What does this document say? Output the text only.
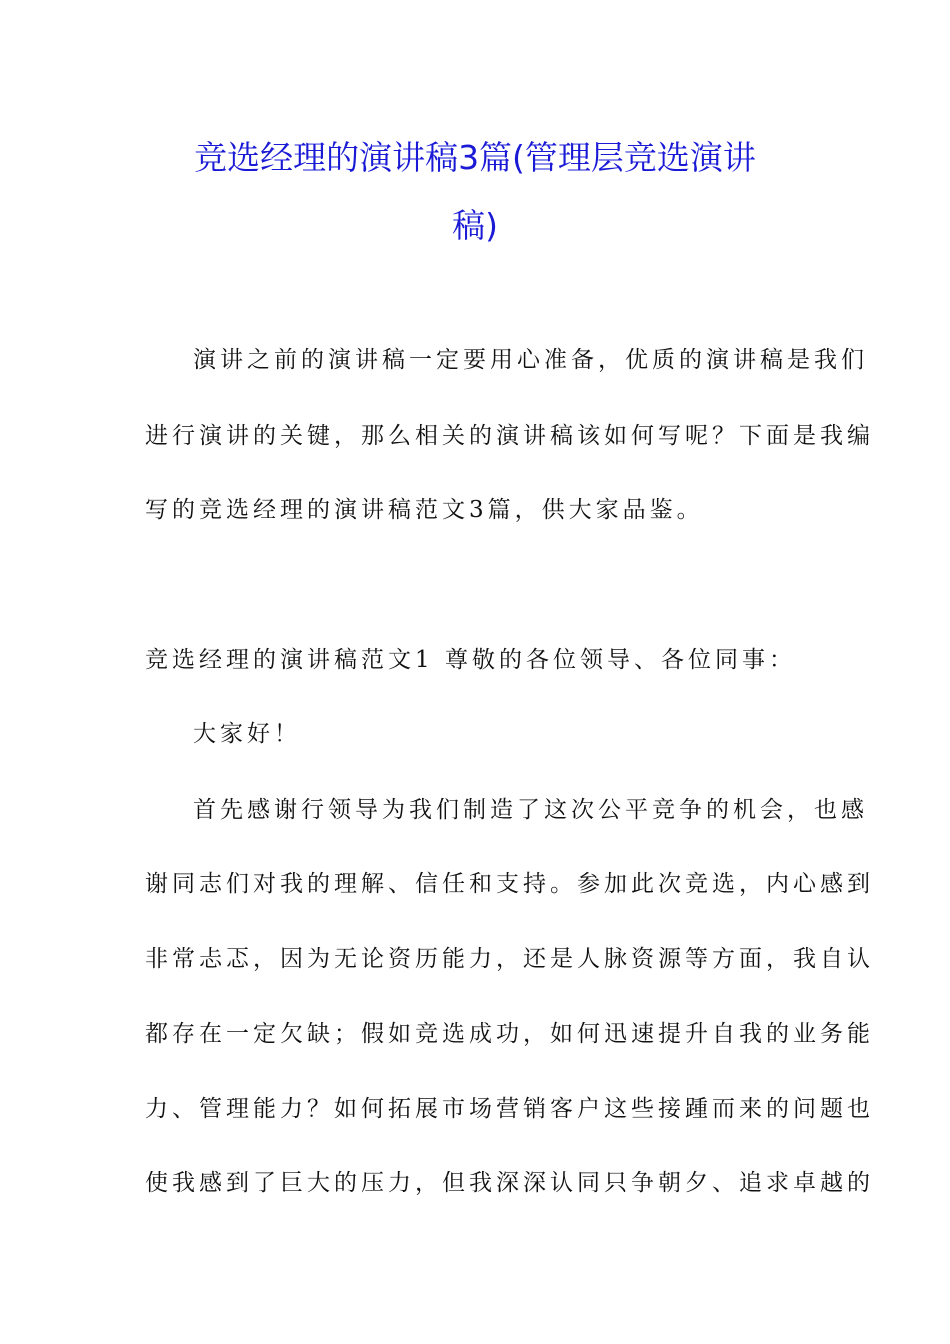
竞选经理的演讲稿3篇(管理层竞选演讲
稿)
演讲之前的演讲稿一定要用心准备，优质的演讲稿是我们
进行演讲的关键，那么相关的演讲稿该如何写呢？下面是我编
写的竞选经理的演讲稿范文3篇，供大家品鉴。
竞选经理的演讲稿范文1 尊敬的各位领导、各位同事：
大家好！
首先感谢行领导为我们制造了这次公平竞争的机会，也感
谢同志们对我的理解、信任和支持。参加此次竞选，内心感到
非常忐忑，因为无论资历能力，还是人脉资源等方面，我自认
都存在一定欠缺；假如竞选成功，如何迅速提升自我的业务能
力、管理能力？如何拓展市场营销客户这些接踵而来的问题也
使我感到了巨大的压力，但我深深认同只争朝夕、追求卓越的
